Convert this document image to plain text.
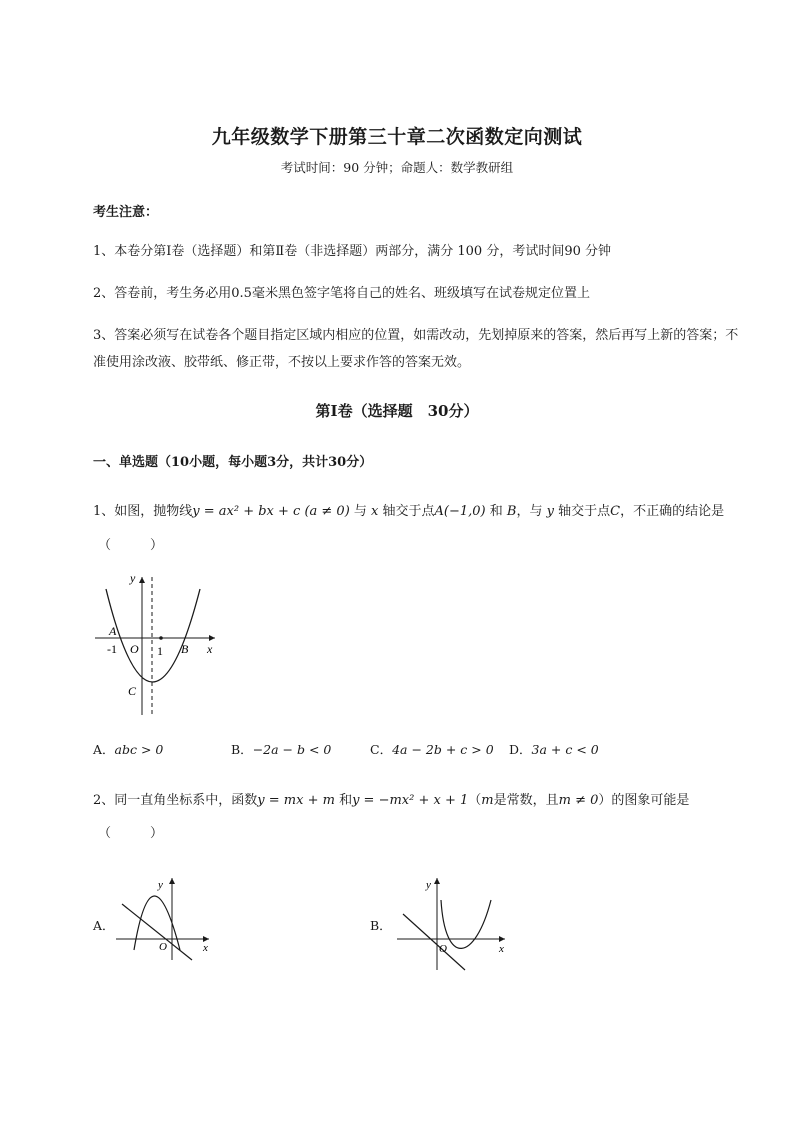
九年级数学下册第三十章二次函数定向测试
考试时间：90 分钟；命题人：数学教研组
考生注意：
1、本卷分第Ⅰ卷（选择题）和第Ⅱ卷（非选择题）两部分，满分 100 分，考试时间90 分钟
2、答卷前，考生务必用0.5毫米黑色签字笔将自己的姓名、班级填写在试卷规定位置上
3、答案必须写在试卷各个题目指定区域内相应的位置，如需改动，先划掉原来的答案，然后再写上新的答案；不准使用涂改液、胶带纸、修正带，不按以上要求作答的答案无效。
第Ⅰ卷（选择题　30分）
一、单选题（10小题，每小题3分，共计30分）
1、如图，抛物线y = ax² + bx + c (a ≠ 0) 与 x 轴交于点A(−1,0) 和 B，与 y 轴交于点C，不正确的结论是
（　　　）
y
x
A
B
C
O
-1	1
A．abc > 0	B．−2a − b < 0	C．4a − 2b + c > 0 D．3a + c < 0
2、同一直角坐标系中，函数y = mx + m 和y = −mx² + x + 1（m是常数，且m ≠ 0）的图象可能是
（　　　）
A．
y
x
O
B．
y
x
O
